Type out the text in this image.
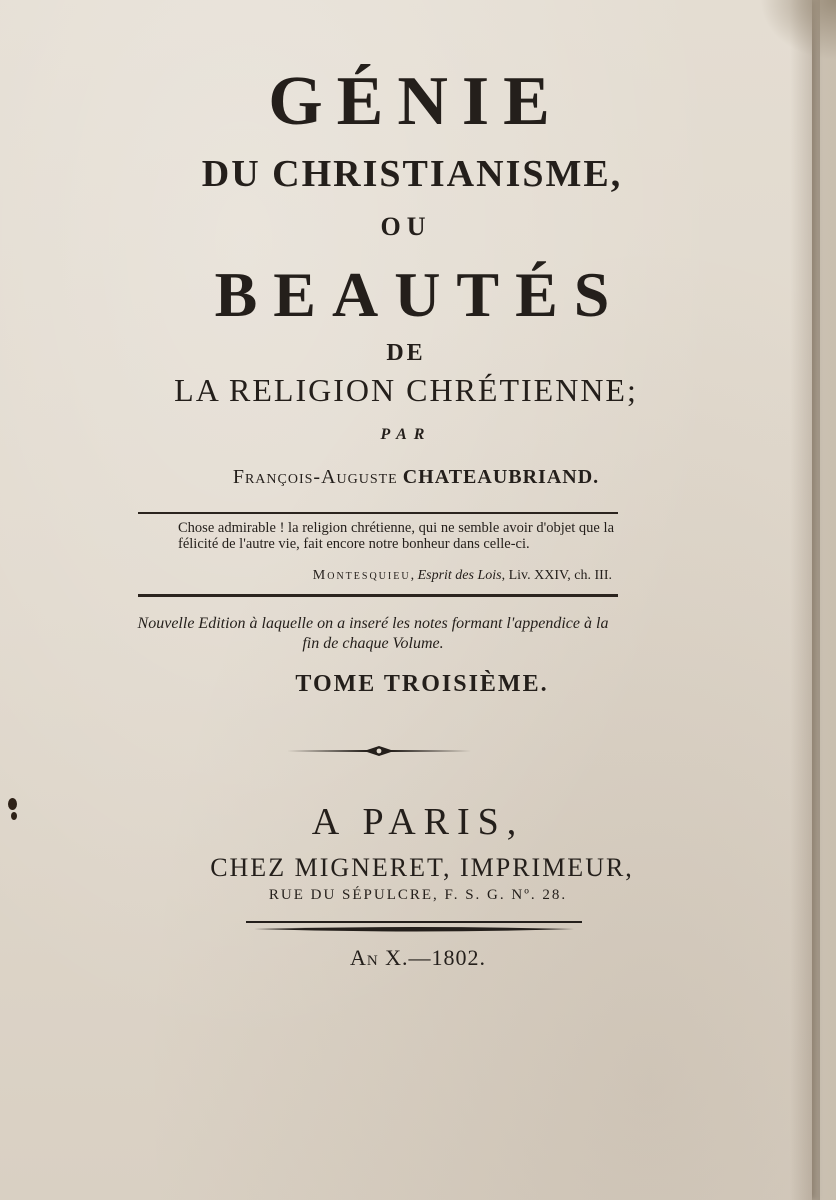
GÉNIE
DU CHRISTIANISME,
OU
BEAUTÉS
DE
LA RELIGION CHRÉTIENNE;
PAR
François-Auguste CHATEAUBRIAND.
Chose admirable ! la religion chrétienne, qui ne semble avoir d'objet que la félicité de l'autre vie, fait encore notre bonheur dans celle-ci.
Montesquieu, Esprit des Lois, Liv. XXIV, ch. III.
Nouvelle Edition à laquelle on a inseré les notes formant l'appendice à la fin de chaque Volume.
TOME TROISIÈME.
A PARIS,
CHEZ MIGNERET, IMPRIMEUR,
RUE DU SÉPULCRE, F. S. G. Nº. 28.
An X.—1802.
